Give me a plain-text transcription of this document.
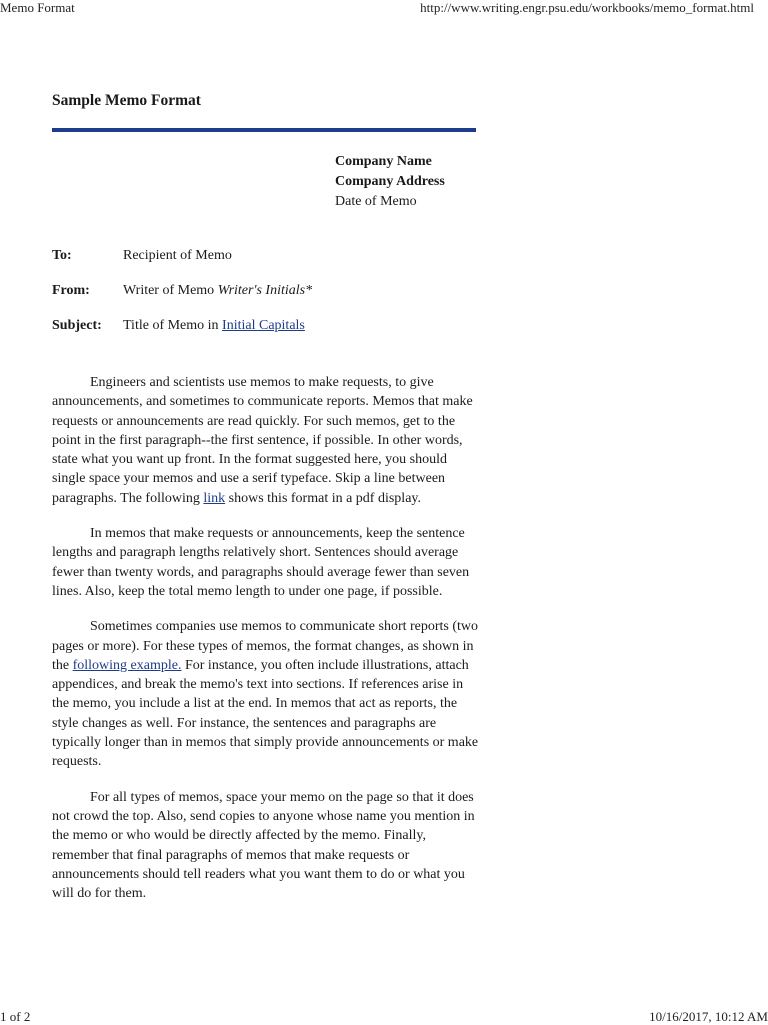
Memo Format	http://www.writing.engr.psu.edu/workbooks/memo_format.html
Sample Memo Format
Company Name
Company Address
Date of Memo
To:	Recipient of Memo
From: Writer of Memo Writer's Initials*
Subject: Title of Memo in Initial Capitals

Engineers and scientists use memos to make requests, to give announcements, and sometimes to communicate reports. Memos that make requests or announcements are read quickly. For such memos, get to the point in the first paragraph--the first sentence, if possible. In other words, state what you want up front. In the format suggested here, you should single space your memos and use a serif typeface. Skip a line between paragraphs. The following link shows this format in a pdf display.

In memos that make requests or announcements, keep the sentence lengths and paragraph lengths relatively short. Sentences should average fewer than twenty words, and paragraphs should average fewer than seven lines. Also, keep the total memo length to under one page, if possible.

Sometimes companies use memos to communicate short reports (two pages or more). For these types of memos, the format changes, as shown in the following example. For instance, you often include illustrations, attach appendices, and break the memo's text into sections. If references arise in the memo, you include a list at the end. In memos that act as reports, the style changes as well. For instance, the sentences and paragraphs are typically longer than in memos that simply provide announcements or make requests.

For all types of memos, space your memo on the page so that it does not crowd the top. Also, send copies to anyone whose name you mention in the memo or who would be directly affected by the memo. Finally, remember that final paragraphs of memos that make requests or announcements should tell readers what you want them to do or what you will do for them.

1 of 2	10/16/2017, 10:12 AM
